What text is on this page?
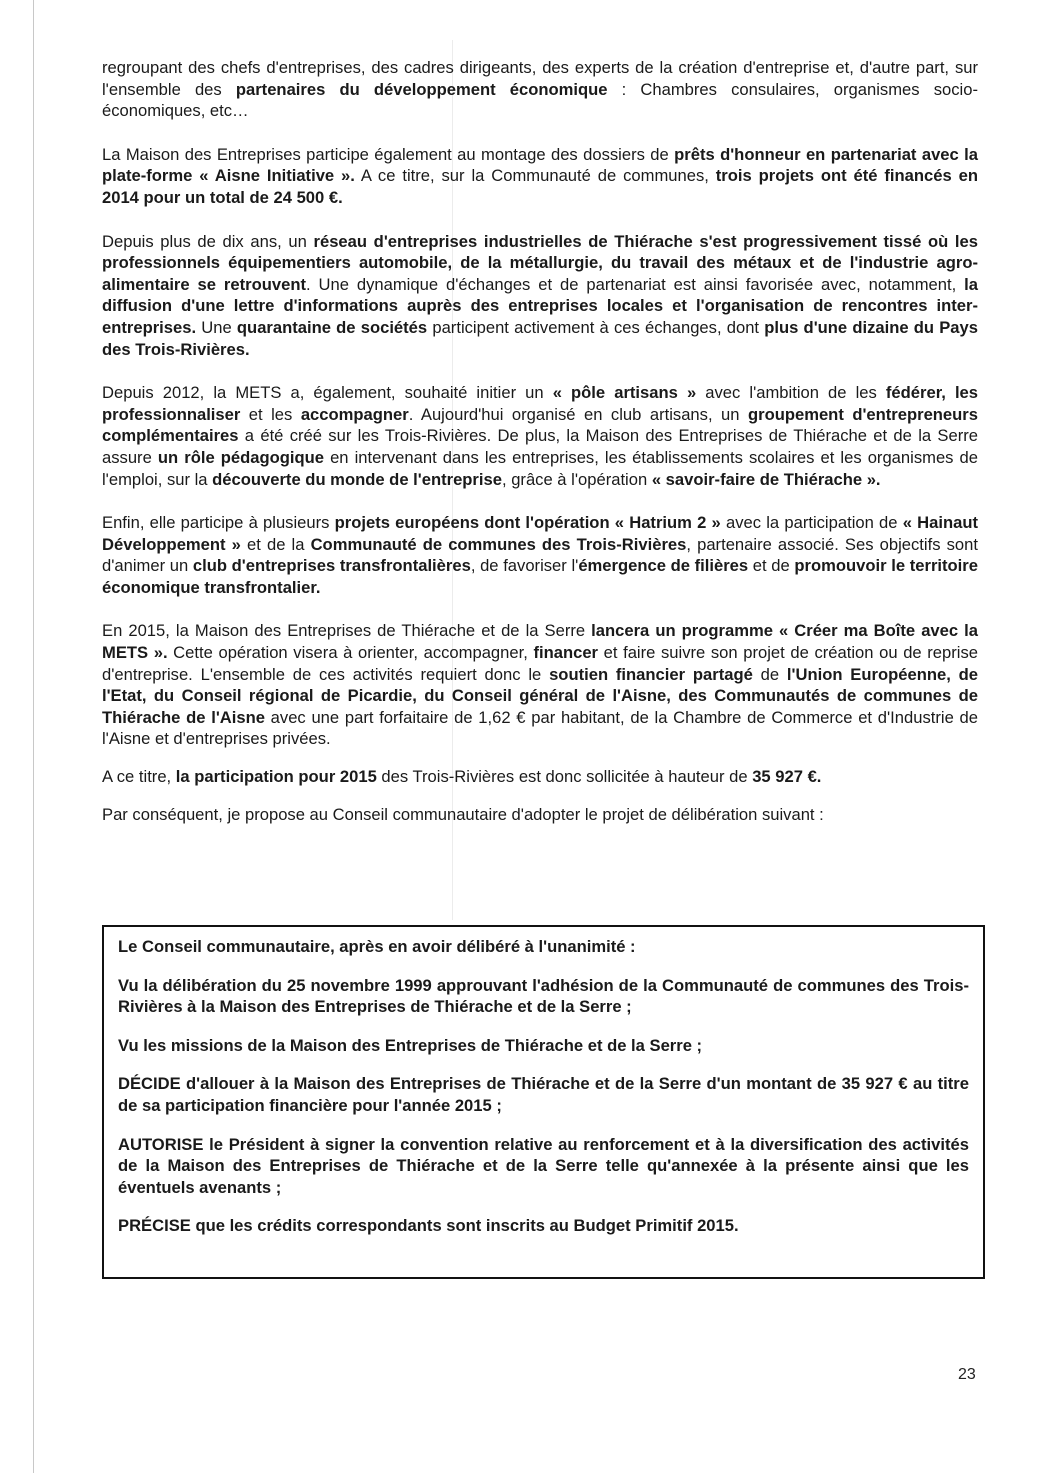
regroupant des chefs d'entreprises, des cadres dirigeants, des experts de la création d'entreprise et, d'autre part, sur l'ensemble des partenaires du développement économique : Chambres consulaires, organismes socio-économiques, etc…

La Maison des Entreprises participe également au montage des dossiers de prêts d'honneur en partenariat avec la plate-forme « Aisne Initiative ». A ce titre, sur la Communauté de communes, trois projets ont été financés en 2014 pour un total de 24 500 €.

Depuis plus de dix ans, un réseau d'entreprises industrielles de Thiérache s'est progressivement tissé où les professionnels équipementiers automobile, de la métallurgie, du travail des métaux et de l'industrie agro-alimentaire se retrouvent. Une dynamique d'échanges et de partenariat est ainsi favorisée avec, notamment, la diffusion d'une lettre d'informations auprès des entreprises locales et l'organisation de rencontres inter-entreprises. Une quarantaine de sociétés participent activement à ces échanges, dont plus d'une dizaine du Pays des Trois-Rivières.

Depuis 2012, la METS a, également, souhaité initier un « pôle artisans » avec l'ambition de les fédérer, les professionnaliser et les accompagner. Aujourd'hui organisé en club artisans, un groupement d'entrepreneurs complémentaires a été créé sur les Trois-Rivières. De plus, la Maison des Entreprises de Thiérache et de la Serre assure un rôle pédagogique en intervenant dans les entreprises, les établissements scolaires et les organismes de l'emploi, sur la découverte du monde de l'entreprise, grâce à l'opération « savoir-faire de Thiérache ».

Enfin, elle participe à plusieurs projets européens dont l'opération « Hatrium 2 » avec la participation de « Hainaut Développement » et de la Communauté de communes des Trois-Rivières, partenaire associé. Ses objectifs sont d'animer un club d'entreprises transfrontalières, de favoriser l'émergence de filières et de promouvoir le territoire économique transfrontalier.

En 2015, la Maison des Entreprises de Thiérache et de la Serre lancera un programme « Créer ma Boîte avec la METS ». Cette opération visera à orienter, accompagner, financer et faire suivre son projet de création ou de reprise d'entreprise. L'ensemble de ces activités requiert donc le soutien financier partagé de l'Union Européenne, de l'Etat, du Conseil régional de Picardie, du Conseil général de l'Aisne, des Communautés de communes de Thiérache de l'Aisne avec une part forfaitaire de 1,62 € par habitant, de la Chambre de Commerce et d'Industrie de l'Aisne et d'entreprises privées.

A ce titre, la participation pour 2015 des Trois-Rivières est donc sollicitée à hauteur de 35 927 €.

Par conséquent, je propose au Conseil communautaire d'adopter le projet de délibération suivant :

Le Conseil communautaire, après en avoir délibéré à l'unanimité :

Vu la délibération du 25 novembre 1999 approuvant l'adhésion de la Communauté de communes des Trois-Rivières à la Maison des Entreprises de Thiérache et de la Serre ;

Vu les missions de la Maison des Entreprises de Thiérache et de la Serre ;

DÉCIDE d'allouer à la Maison des Entreprises de Thiérache et de la Serre d'un montant de 35 927 € au titre de sa participation financière pour l'année 2015 ;

AUTORISE le Président à signer la convention relative au renforcement et à la diversification des activités de la Maison des Entreprises de Thiérache et de la Serre telle qu'annexée à la présente ainsi que les éventuels avenants ;

PRÉCISE que les crédits correspondants sont inscrits au Budget Primitif 2015.

23
